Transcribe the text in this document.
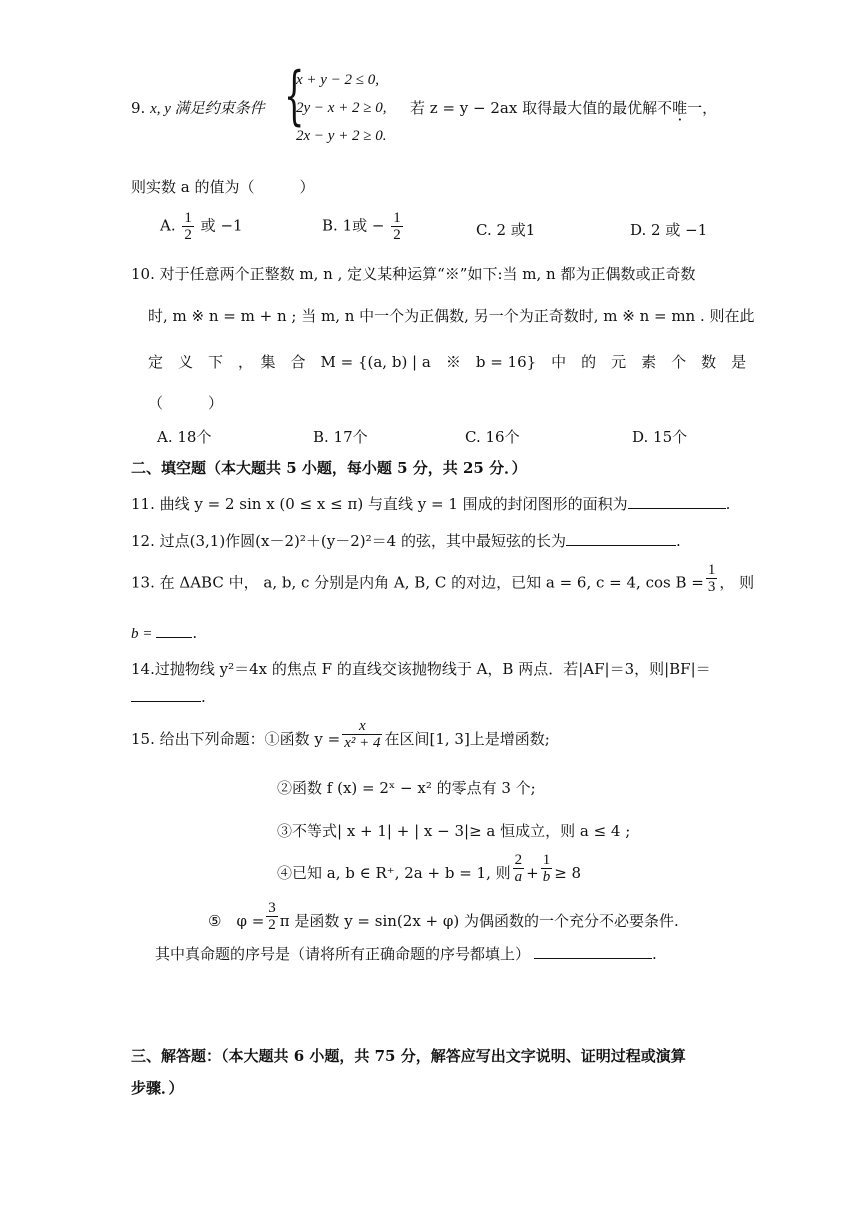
9. x, y 满足约束条件 {
x + y − 2 ≤ 0,
2y − x + 2 ≥ 0,
2x − y + 2 ≥ 0.
若 z = y − 2ax 取得最大值的最优解不唯一，
则实数 a 的值为（　　　）
A. $\frac{1}{2}$ 或 −1	B. 1或 − $\frac{1}{2}$	C. 2 或1	D. 2 或 −1
10. 对于任意两个正整数 m, n , 定义某种运算“※”如下:当 m, n 都为正偶数或正奇数
时, m ※ n = m + n ; 当 m, n 中一个为正偶数, 另一个为正奇数时, m ※ n = mn . 则在此
定　义　下　，　集　合　M = {(a, b) | a　※　b = 16}　中　的　元　素　个　数　是
（　　　）
A. 18个	B. 17个	C. 16个	D. 15个
二、填空题（本大题共 5 小题，每小题 5 分，共 25 分．）
11. 曲线 y = 2 sin x (0 ≤ x ≤ π) 与直线 y = 1 围成的封闭图形的面积为	.
12. 过点(3,1)作圆(x－2)²＋(y－2)²＝4 的弦，其中最短弦的长为	.
13. 在 ΔABC 中， a, b, c 分别是内角 A, B, C 的对边，已知 a = 6, c = 4, $\cos B = \frac{1}{3}$ ， 则
b =	.
14.过抛物线 y²＝4x 的焦点 F 的直线交该抛物线于 A，B 两点．若|AF|＝3，则|BF|＝
.
15. 给出下列命题：①函数 $y = \frac{x}{\text{x² + 4}}$ 在区间[1, 3]上是增函数;
②函数 f (x) = 2ˣ − x² 的零点有 3 个;
③不等式| x + 1| + | x − 3|≥ a 恒成立，则 a ≤ 4 ;
④已知 a, b ∈ R⁺, 2a + b = 1, 则 $\frac{2}{a} + \frac{1}{b} \ge 8$
⑤　$\varphi = \frac{3}{2}$ π 是函数 y = sin(2x + φ) 为偶函数的一个充分不必要条件.
其中真命题的序号是（请将所有正确命题的序号都填上）	.
三、解答题：（本大题共 6 小题，共 75 分，解答应写出文字说明、证明过程或演算
步骤．）
